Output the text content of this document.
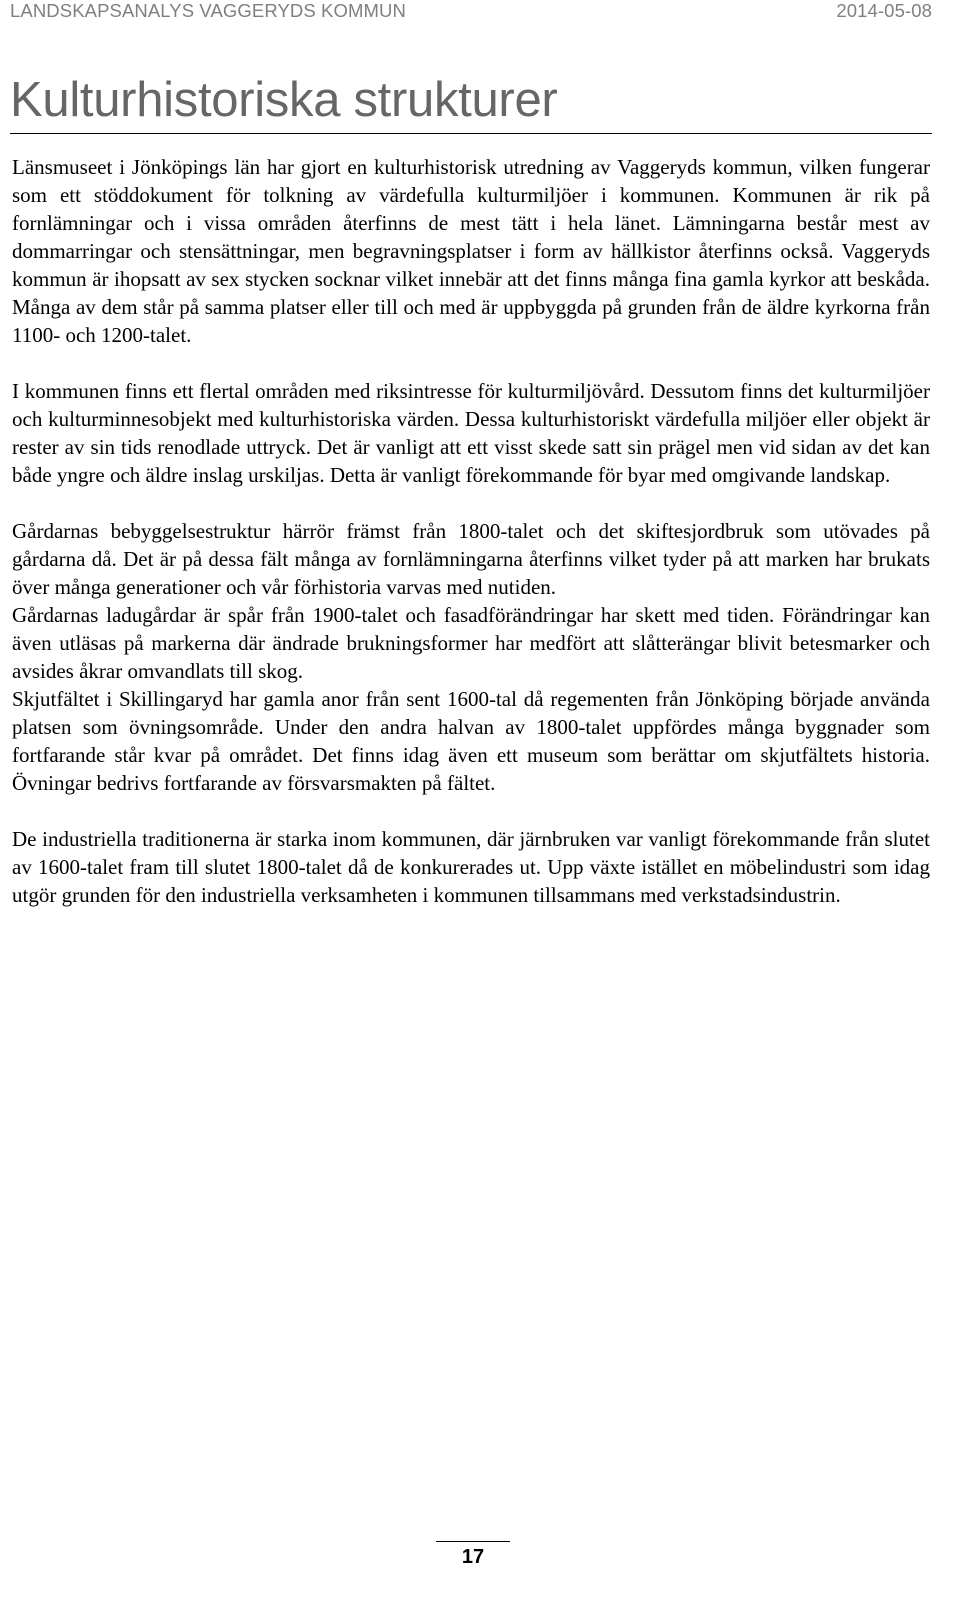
LANDSKAPSANALYS VAGGERYDS KOMMUN	2014-05-08
Kulturhistoriska strukturer

Länsmuseet i Jönköpings län har gjort en kulturhistorisk utredning av Vaggeryds kommun, vilken fungerar som ett stöddokument för tolkning av värdefulla kulturmiljöer i kommunen. Kommunen är rik på fornlämningar och i vissa områden återfinns de mest tätt i hela länet. Lämningarna består mest av dommarringar och stensättningar, men begravningsplatser i form av hällkistor återfinns också. Vaggeryds kommun är ihopsatt av sex stycken socknar vilket innebär att det finns många fina gamla kyrkor att beskåda. Många av dem står på samma platser eller till och med är uppbyggda på grunden från de äldre kyrkorna från 1100- och 1200-talet.

I kommunen finns ett flertal områden med riksintresse för kulturmiljövård. Dessutom finns det kulturmiljöer och kulturminnesobjekt med kulturhistoriska värden. Dessa kulturhistoriskt värdefulla miljöer eller objekt är rester av sin tids renodlade uttryck. Det är vanligt att ett visst skede satt sin prägel men vid sidan av det kan både yngre och äldre inslag urskiljas. Detta är vanligt förekommande för byar med omgivande landskap.

Gårdarnas bebyggelsestruktur härrör främst från 1800-talet och det skiftesjordbruk som utövades på gårdarna då. Det är på dessa fält många av fornlämningarna återfinns vilket tyder på att marken har brukats över många generationer och vår förhistoria varvas med nutiden.

Gårdarnas ladugårdar är spår från 1900-talet och fasadförändringar har skett med tiden. Förändringar kan även utläsas på markerna där ändrade brukningsformer har medfört att slåtterängar blivit betesmarker och avsides åkrar omvandlats till skog.

Skjutfältet i Skillingaryd har gamla anor från sent 1600-tal då regementen från Jönköping började använda platsen som övningsområde. Under den andra halvan av 1800-talet uppfördes många byggnader som fortfarande står kvar på området. Det finns idag även ett museum som berättar om skjutfältets historia. Övningar bedrivs fortfarande av försvarsmakten på fältet.

De industriella traditionerna är starka inom kommunen, där järnbruken var vanligt förekommande från slutet av 1600-talet fram till slutet 1800-talet då de konkurerades ut. Upp växte istället en möbelindustri som idag utgör grunden för den industriella verksamheten i kommunen tillsammans med verkstadsindustrin.

17
